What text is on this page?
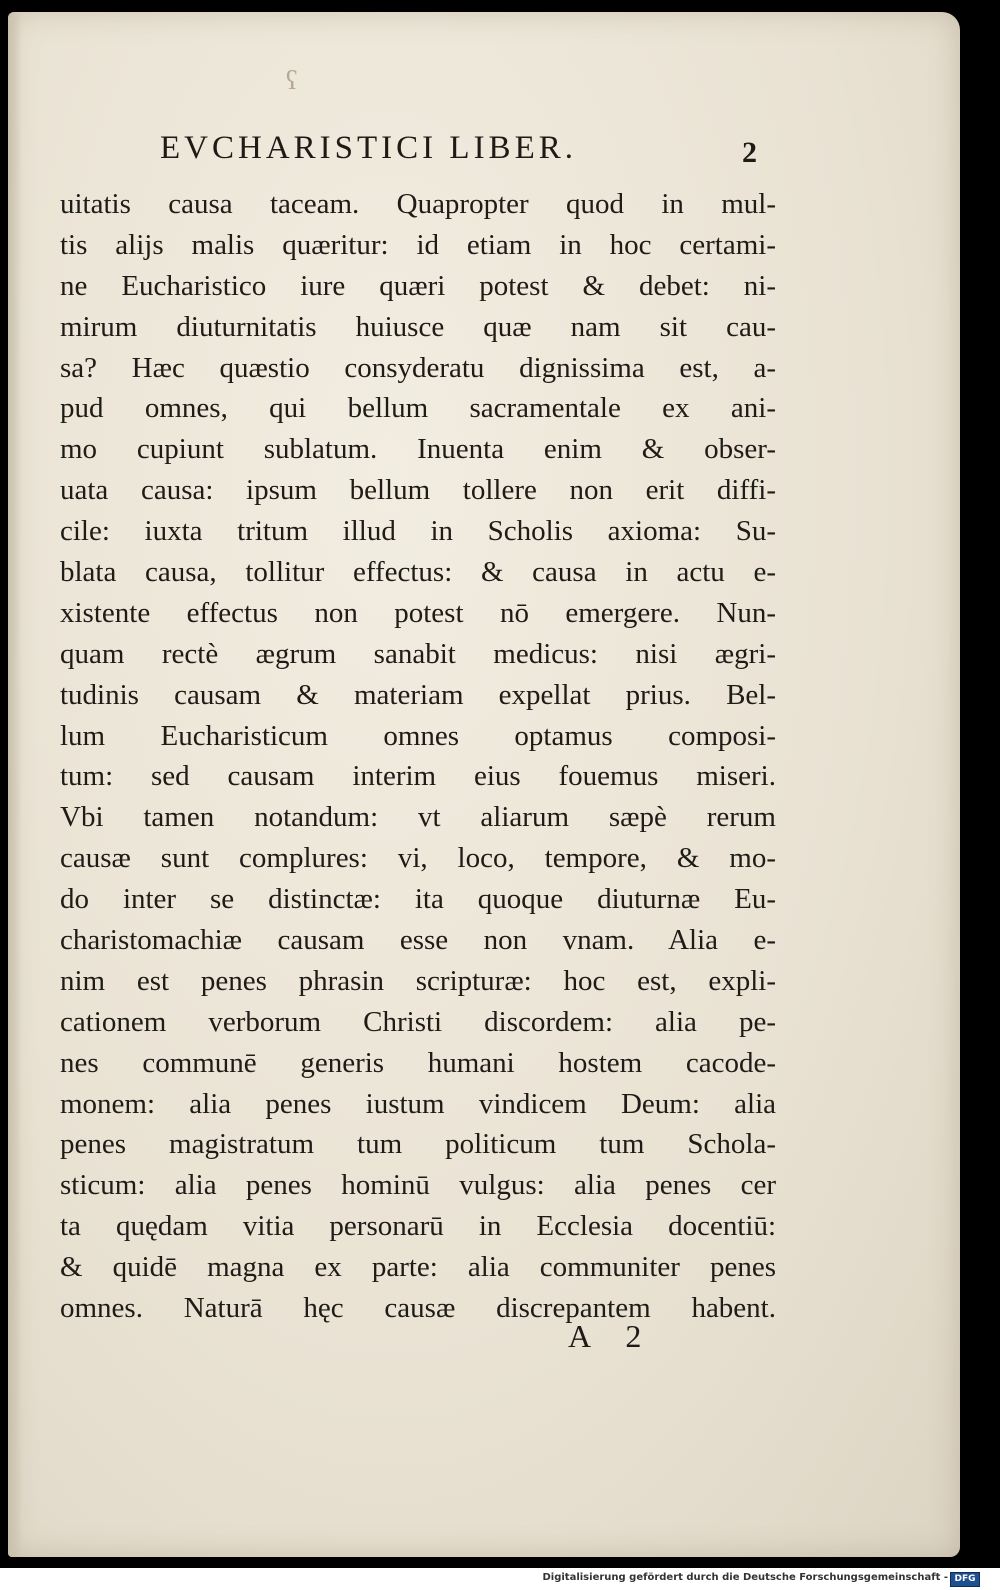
ʕ
EVCHARISTICI LIBER.	2
uitatis causa taceam. Quapropter quod in mul-
tis alijs malis quæritur: id etiam in hoc certami-
ne Eucharistico iure quæri potest & debet: ni-
mirum diuturnitatis huiusce quæ nam sit cau-
sa? Hæc quæstio consyderatu dignissima est, a-
pud omnes, qui bellum sacramentale ex ani-
mo cupiunt sublatum. Inuenta enim & obser-
uata causa: ipsum bellum tollere non erit diffi-
cile: iuxta tritum illud in Scholis axioma: Su-
blata causa, tollitur effectus: & causa in actu e-
xistente effectus non potest nō emergere. Nun-
quam rectè ægrum sanabit medicus: nisi ægri-
tudinis causam & materiam expellat prius. Bel-
lum Eucharisticum omnes optamus composi-
tum: sed causam interim eius fouemus miseri.
Vbi tamen notandum: vt aliarum sæpè rerum
causæ sunt complures: vi, loco, tempore, & mo-
do inter se distinctæ: ita quoque diuturnæ Eu-
charistomachiæ causam esse non vnam. Alia e-
nim est penes phrasin scripturæ: hoc est, expli-
cationem verborum Christi discordem: alia pe-
nes communē generis humani hostem cacode-
monem: alia penes iustum vindicem Deum: alia
penes magistratum tum politicum tum Schola-
sticum: alia penes hominū vulgus: alia penes cer
ta quędam vitia personarū in Ecclesia docentiū:
& quidē magna ex parte: alia communiter penes
omnes. Naturā hęc causæ discrepantem habent.
A 2
Digitalisierung gefördert durch die Deutsche Forschungsgemeinschaft - DFG
